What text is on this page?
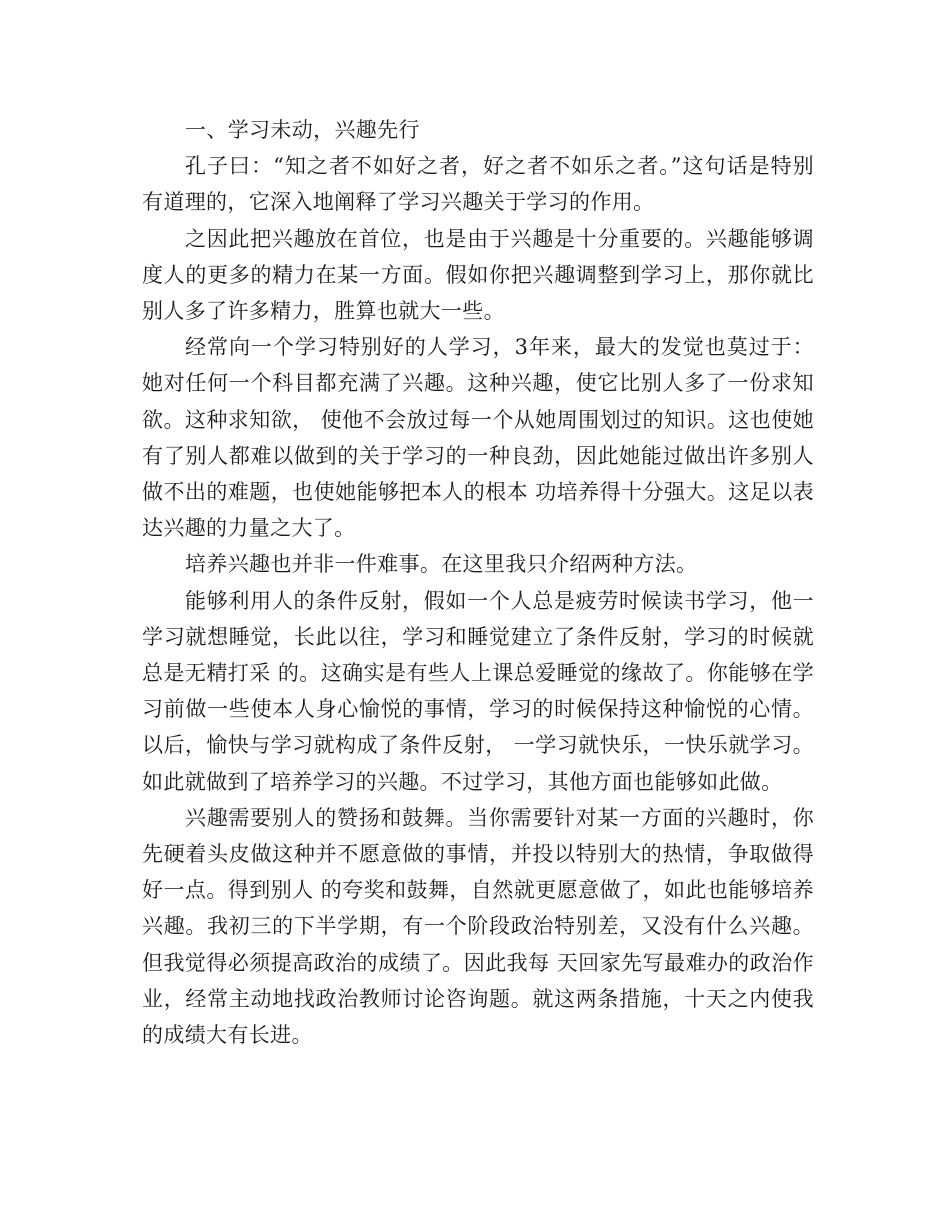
一、学习未动，兴趣先行

孔子曰：“知之者不如好之者，好之者不如乐之者。”这句话是特别有道理的，它深入地阐释了学习兴趣关于学习的作用。

之因此把兴趣放在首位，也是由于兴趣是十分重要的。兴趣能够调度人的更多的精力在某一方面。假如你把兴趣调整到学习上，那你就比别人多了许多精力，胜算也就大一些。

经常向一个学习特别好的人学习，3年来，最大的发觉也莫过于：她对任何一个科目都充满了兴趣。这种兴趣，使它比别人多了一份求知欲。这种求知欲， 使他不会放过每一个从她周围划过的知识。这也使她有了别人都难以做到的关于学习的一种良劲，因此她能过做出许多别人做不出的难题，也使她能够把本人的根本 功培养得十分强大。这足以表达兴趣的力量之大了。

培养兴趣也并非一件难事。在这里我只介绍两种方法。

能够利用人的条件反射，假如一个人总是疲劳时候读书学习，他一学习就想睡觉，长此以往，学习和睡觉建立了条件反射，学习的时候就总是无精打采 的。这确实是有些人上课总爱睡觉的缘故了。你能够在学习前做一些使本人身心愉悦的事情，学习的时候保持这种愉悦的心情。以后，愉快与学习就构成了条件反射， 一学习就快乐，一快乐就学习。如此就做到了培养学习的兴趣。不过学习，其他方面也能够如此做。

兴趣需要别人的赞扬和鼓舞。当你需要针对某一方面的兴趣时，你先硬着头皮做这种并不愿意做的事情，并投以特别大的热情，争取做得好一点。得到别人 的夸奖和鼓舞，自然就更愿意做了，如此也能够培养兴趣。我初三的下半学期，有一个阶段政治特别差，又没有什么兴趣。但我觉得必须提高政治的成绩了。因此我每 天回家先写最难办的政治作业，经常主动地找政治教师讨论咨询题。就这两条措施，十天之内使我的成绩大有长进。
